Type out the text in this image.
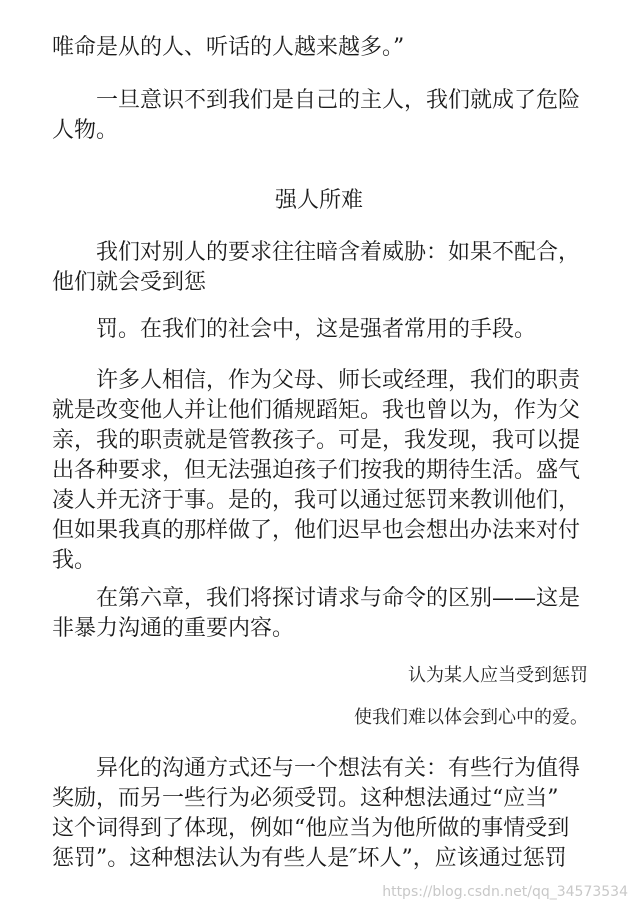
唯命是从的人、听话的人越来越多。”
一旦意识不到我们是自己的主人，我们就成了危险
人物。
强人所难
我们对别人的要求往往暗含着威胁：如果不配合，
他们就会受到惩
罚。在我们的社会中，这是强者常用的手段。
许多人相信，作为父母、师长或经理，我们的职责
就是改变他人并让他们循规蹈矩。我也曾以为，作为父
亲，我的职责就是管教孩子。可是，我发现，我可以提
出各种要求，但无法强迫孩子们按我的期待生活。盛气
凌人并无济于事。是的，我可以通过惩罚来教训他们，
但如果我真的那样做了，他们迟早也会想出办法来对付
我。
在第六章，我们将探讨请求与命令的区别——这是
非暴力沟通的重要内容。
认为某人应当受到惩罚
使我们难以体会到心中的爱。
异化的沟通方式还与一个想法有关：有些行为值得
奖励，而另一些行为必须受罚。这种想法通过“应当”
这个词得到了体现，例如“他应当为他所做的事情受到
惩罚”。这种想法认为有些人是″坏人”，应该通过惩罚
https://blog.csdn.net/qq_34573534
